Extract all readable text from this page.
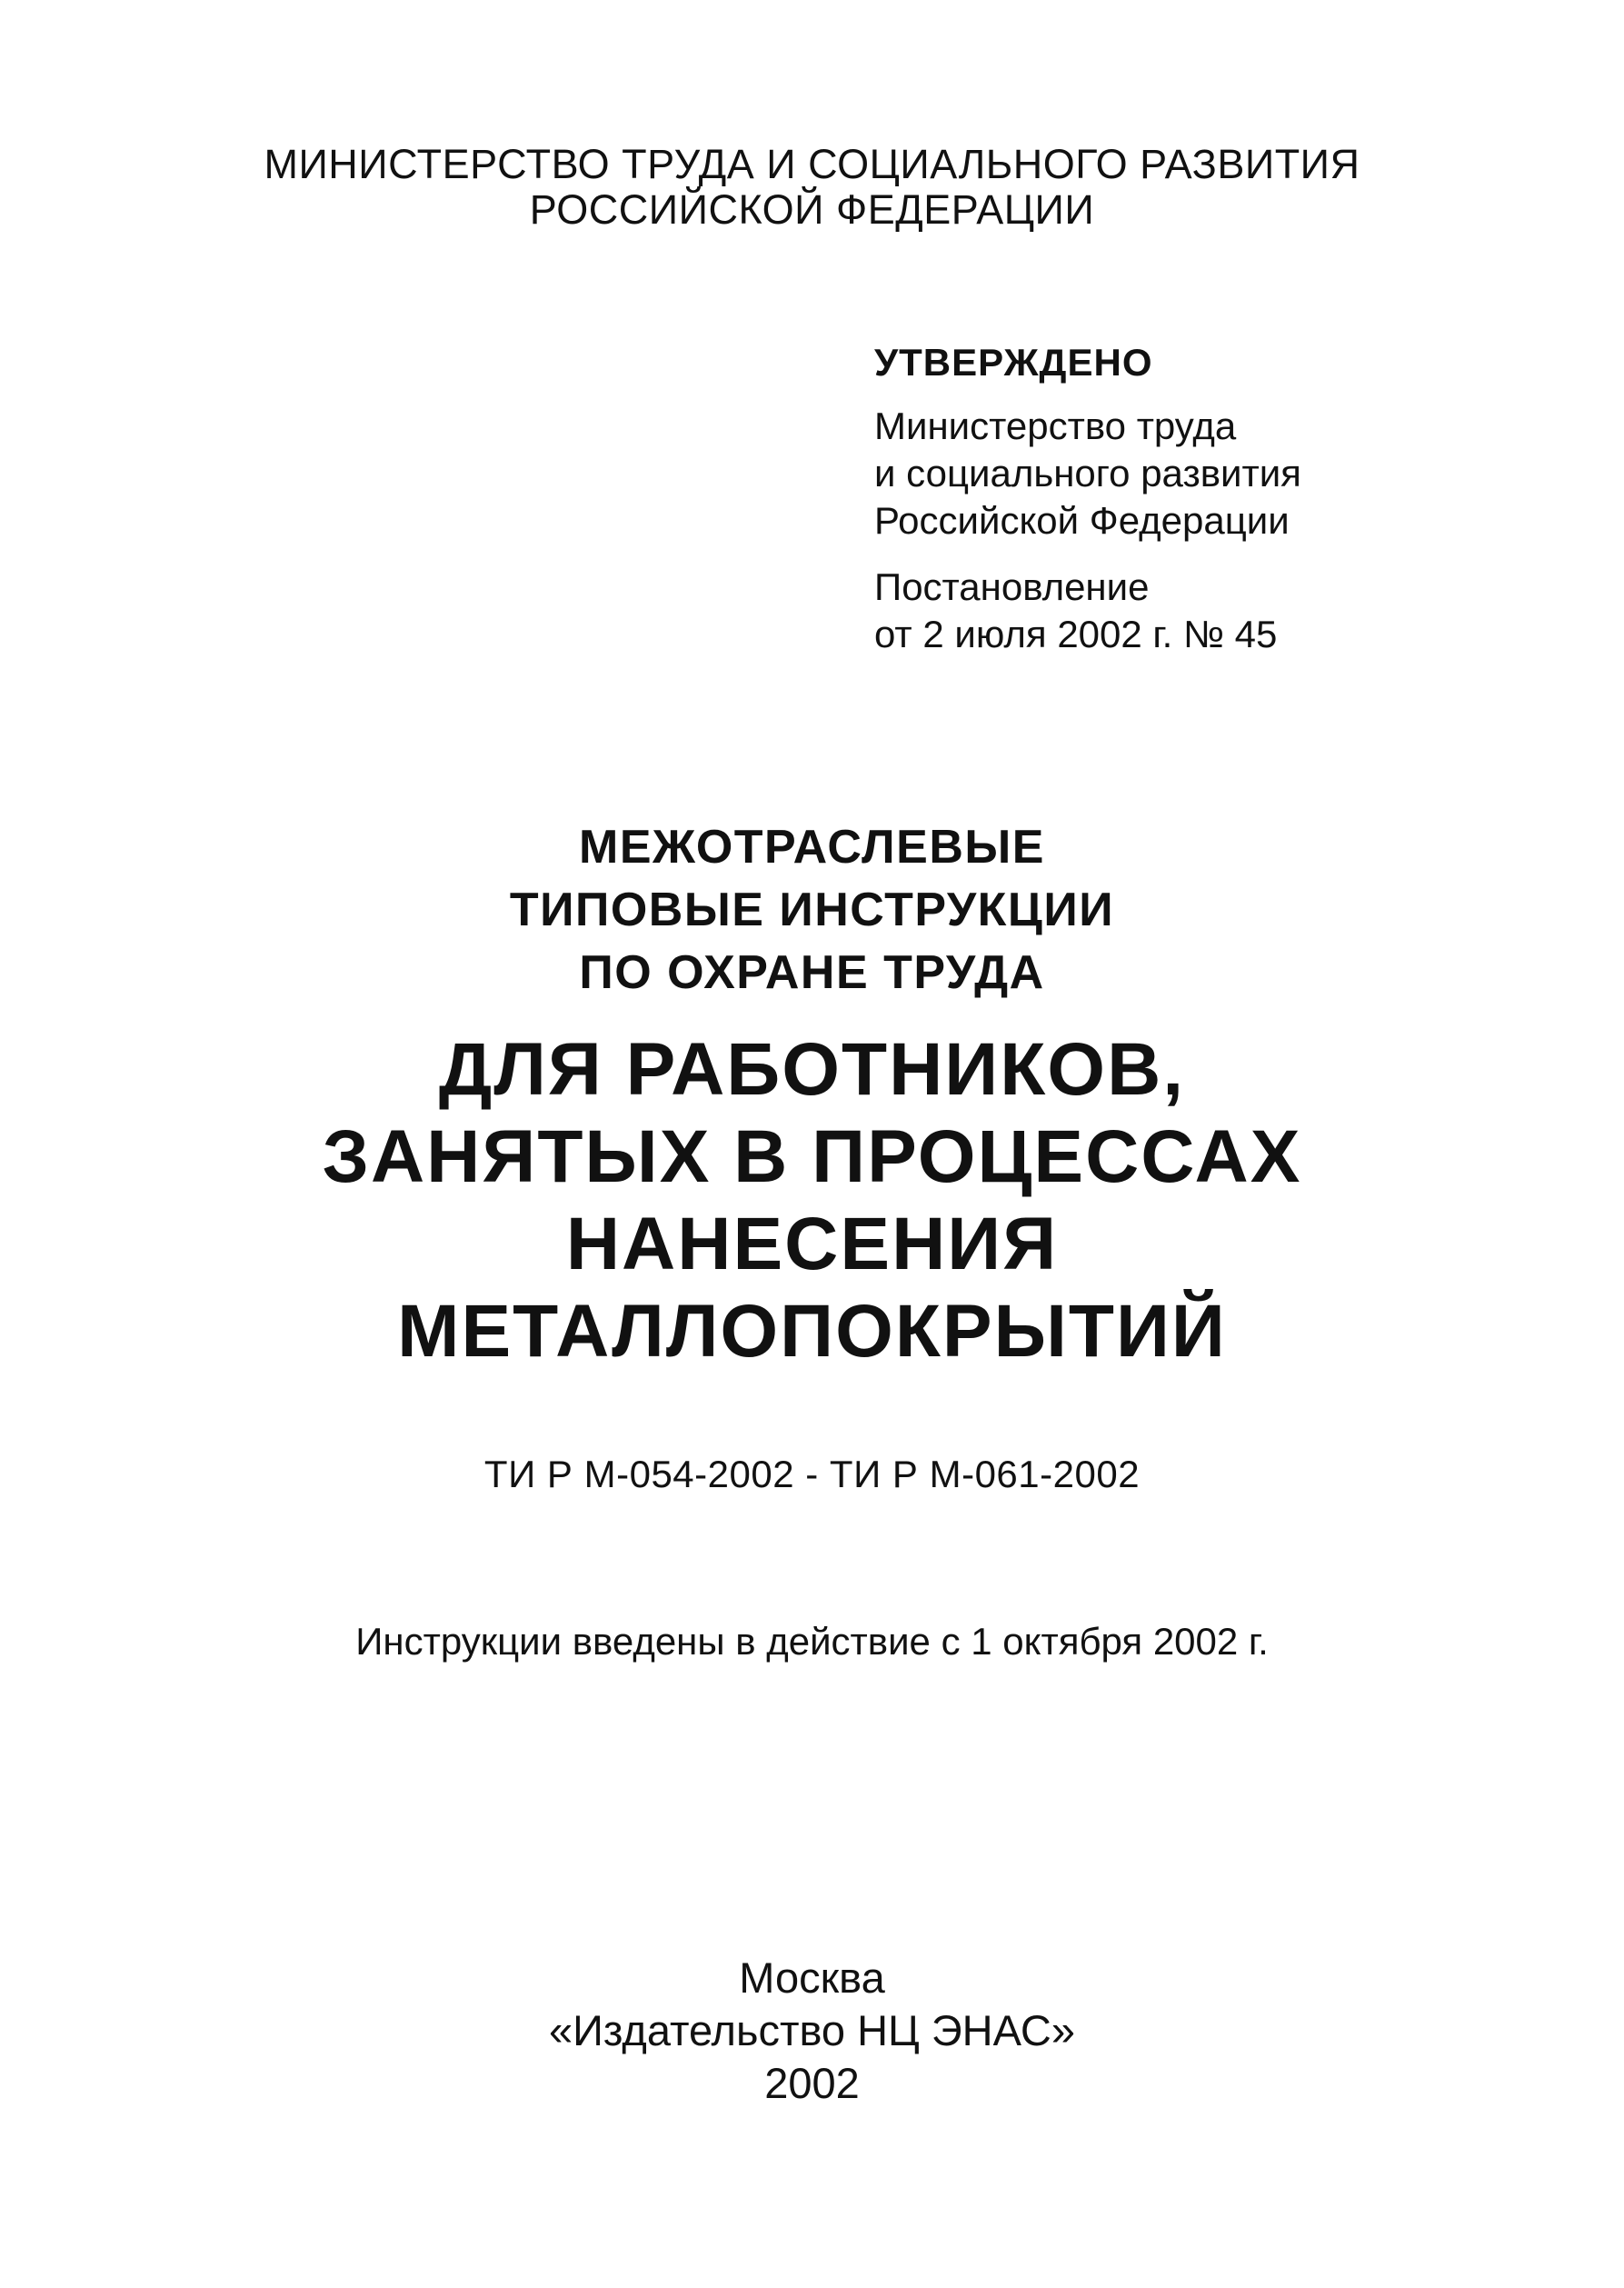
МИНИСТЕРСТВО ТРУДА И СОЦИАЛЬНОГО РАЗВИТИЯ
РОССИЙСКОЙ ФЕДЕРАЦИИ
УТВЕРЖДЕНО
Министерство труда
и социального развития
Российской Федерации
Постановление
от 2 июля 2002 г. № 45
МЕЖОТРАСЛЕВЫЕ
ТИПОВЫЕ ИНСТРУКЦИИ
ПО ОХРАНЕ ТРУДА
ДЛЯ РАБОТНИКОВ,
ЗАНЯТЫХ В ПРОЦЕССАХ
НАНЕСЕНИЯ
МЕТАЛЛОПОКРЫТИЙ
ТИ Р М-054-2002 - ТИ Р М-061-2002
Инструкции введены в действие с 1 октября 2002 г.
Москва
«Издательство НЦ ЭНАС»
2002
